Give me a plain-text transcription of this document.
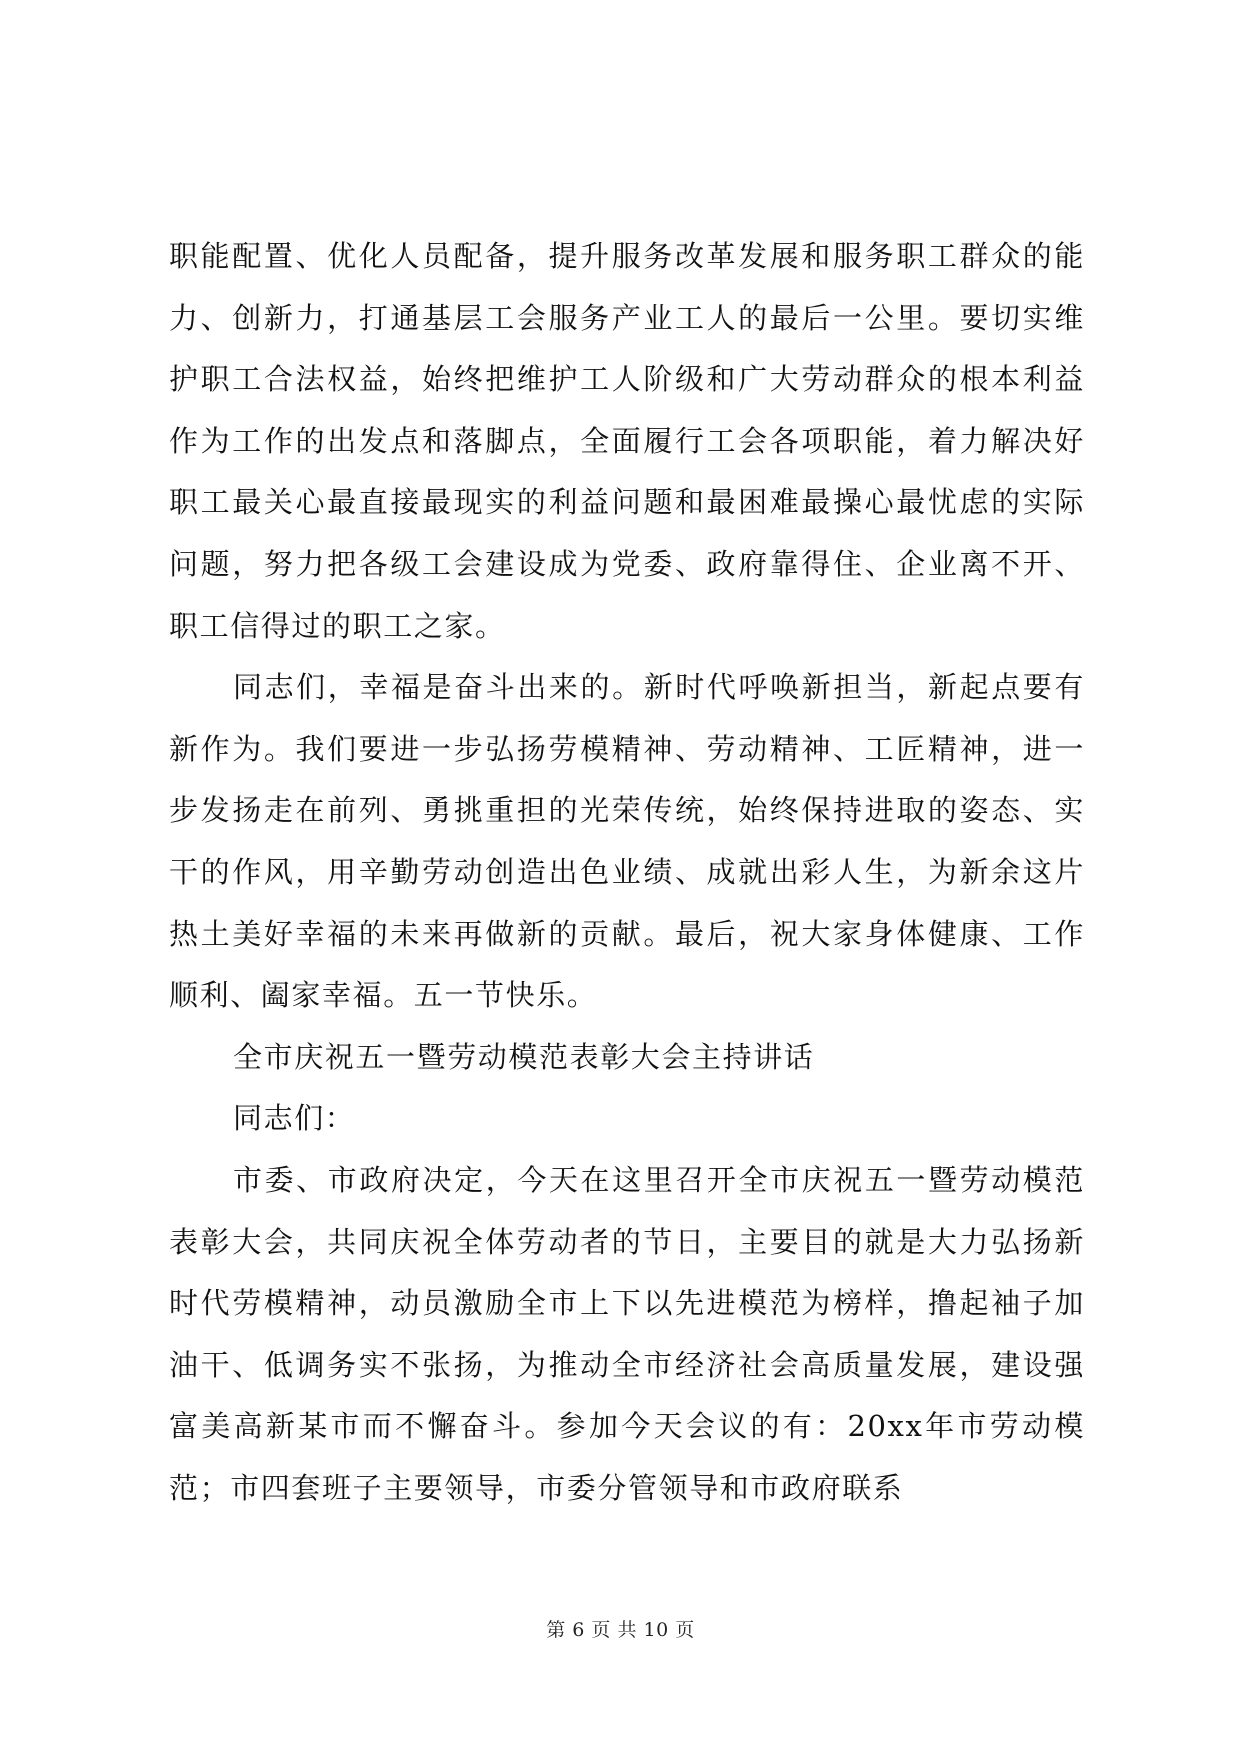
职能配置、优化人员配备，提升服务改革发展和服务职工群众的能力、创新力，打通基层工会服务产业工人的最后一公里。要切实维护职工合法权益，始终把维护工人阶级和广大劳动群众的根本利益作为工作的出发点和落脚点，全面履行工会各项职能，着力解决好职工最关心最直接最现实的利益问题和最困难最操心最忧虑的实际问题，努力把各级工会建设成为党委、政府靠得住、企业离不开、职工信得过的职工之家。

同志们，幸福是奋斗出来的。新时代呼唤新担当，新起点要有新作为。我们要进一步弘扬劳模精神、劳动精神、工匠精神，进一步发扬走在前列、勇挑重担的光荣传统，始终保持进取的姿态、实干的作风，用辛勤劳动创造出色业绩、成就出彩人生，为新余这片热土美好幸福的未来再做新的贡献。最后，祝大家身体健康、工作顺利、阖家幸福。五一节快乐。

全市庆祝五一暨劳动模范表彰大会主持讲话

同志们：

市委、市政府决定，今天在这里召开全市庆祝五一暨劳动模范表彰大会，共同庆祝全体劳动者的节日，主要目的就是大力弘扬新时代劳模精神，动员激励全市上下以先进模范为榜样，撸起袖子加油干、低调务实不张扬，为推动全市经济社会高质量发展，建设强富美高新某市而不懈奋斗。参加今天会议的有：20xx年市劳动模范；市四套班子主要领导，市委分管领导和市政府联系

第 6 页 共 10 页
